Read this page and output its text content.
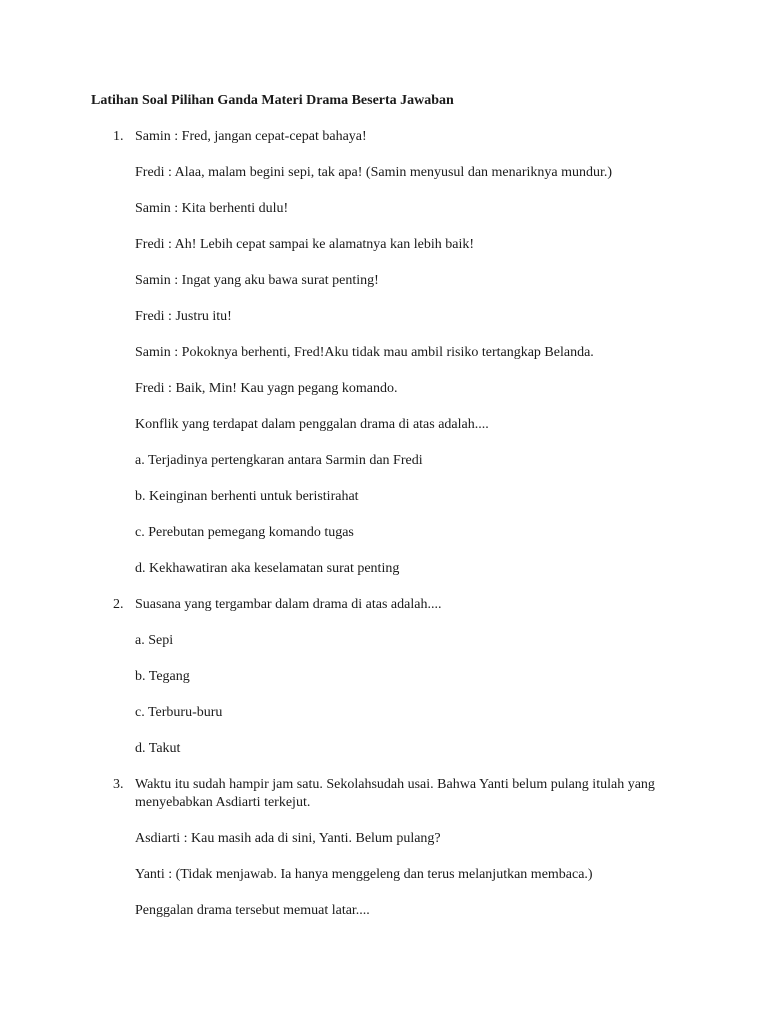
Latihan Soal Pilihan Ganda Materi Drama Beserta Jawaban
1. Samin : Fred, jangan cepat-cepat bahaya!
Fredi : Alaa, malam begini sepi, tak apa! (Samin menyusul dan menariknya mundur.)
Samin : Kita berhenti dulu!
Fredi : Ah! Lebih cepat sampai ke alamatnya kan lebih baik!
Samin : Ingat yang aku bawa surat penting!
Fredi : Justru itu!
Samin : Pokoknya berhenti, Fred!Aku tidak mau ambil risiko tertangkap Belanda.
Fredi : Baik, Min! Kau yagn pegang komando.
Konflik yang terdapat dalam penggalan drama di atas adalah....
a. Terjadinya pertengkaran antara Sarmin dan Fredi
b. Keinginan berhenti untuk beristirahat
c. Perebutan pemegang komando tugas
d. Kekhawatiran aka keselamatan surat penting
2. Suasana yang tergambar dalam drama di atas adalah....
a. Sepi
b. Tegang
c. Terburu-buru
d. Takut
3. Waktu itu sudah hampir jam satu. Sekolahsudah usai. Bahwa Yanti belum pulang itulah yang menyebabkan Asdiarti terkejut.
Asdiarti : Kau masih ada di sini, Yanti. Belum pulang?
Yanti : (Tidak menjawab. Ia hanya menggeleng dan terus melanjutkan membaca.)
Penggalan drama tersebut memuat latar....
